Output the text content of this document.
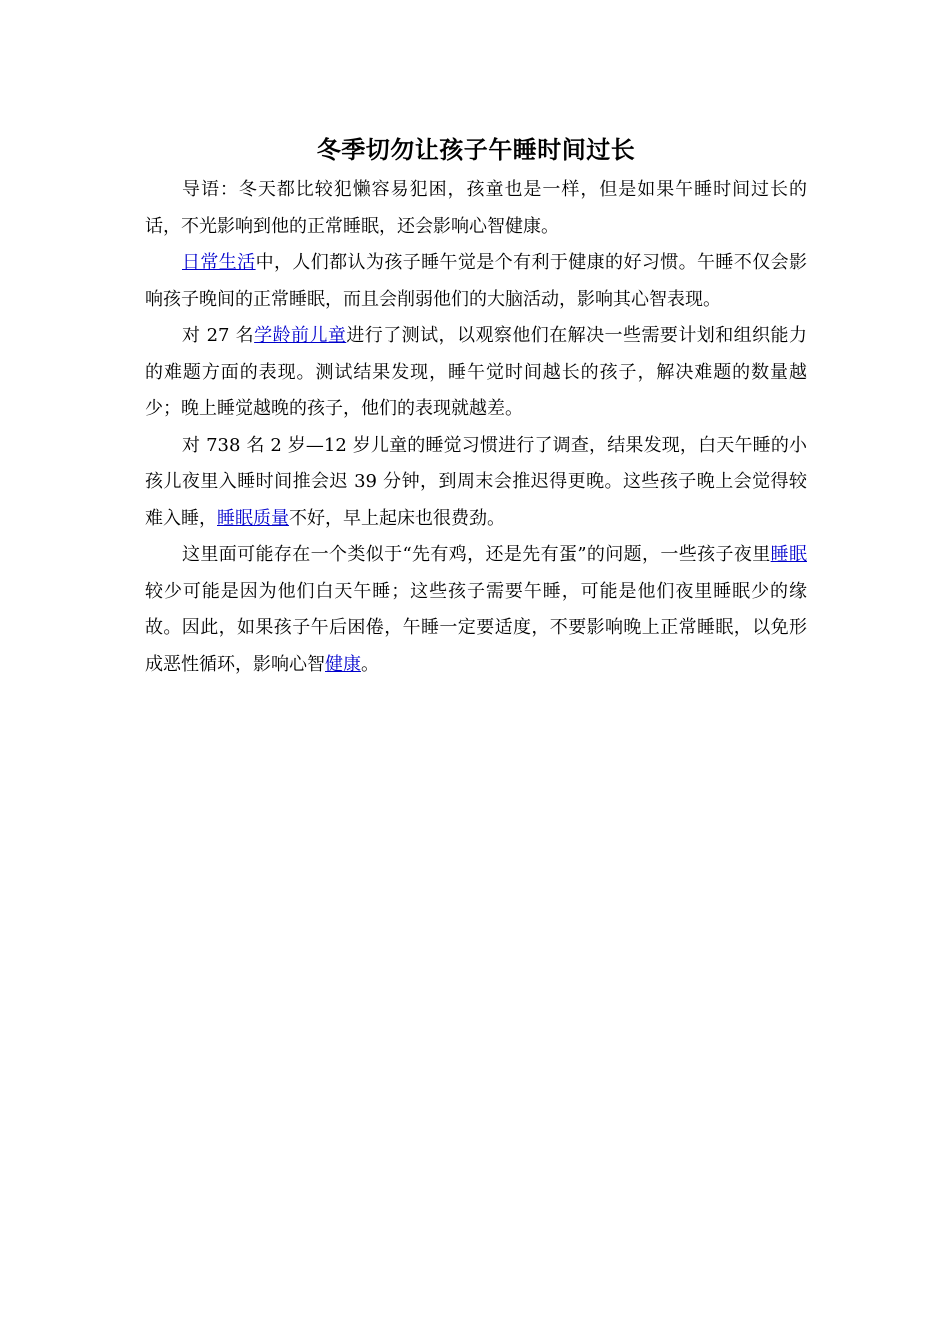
冬季切勿让孩子午睡时间过长

导语：冬天都比较犯懒容易犯困，孩童也是一样，但是如果午睡时间过长的话，不光影响到他的正常睡眠，还会影响心智健康。

日常生活中，人们都认为孩子睡午觉是个有利于健康的好习惯。午睡不仅会影响孩子晚间的正常睡眠，而且会削弱他们的大脑活动，影响其心智表现。

对 27 名学龄前儿童进行了测试，以观察他们在解决一些需要计划和组织能力的难题方面的表现。测试结果发现，睡午觉时间越长的孩子，解决难题的数量越少；晚上睡觉越晚的孩子，他们的表现就越差。

对 738 名 2 岁—12 岁儿童的睡觉习惯进行了调查，结果发现，白天午睡的小孩儿夜里入睡时间推会迟 39 分钟，到周末会推迟得更晚。这些孩子晚上会觉得较难入睡，睡眠质量不好，早上起床也很费劲。

这里面可能存在一个类似于“先有鸡，还是先有蛋”的问题，一些孩子夜里睡眠较少可能是因为他们白天午睡；这些孩子需要午睡，可能是他们夜里睡眠少的缘故。因此，如果孩子午后困倦，午睡一定要适度，不要影响晚上正常睡眠，以免形成恶性循环，影响心智健康。
